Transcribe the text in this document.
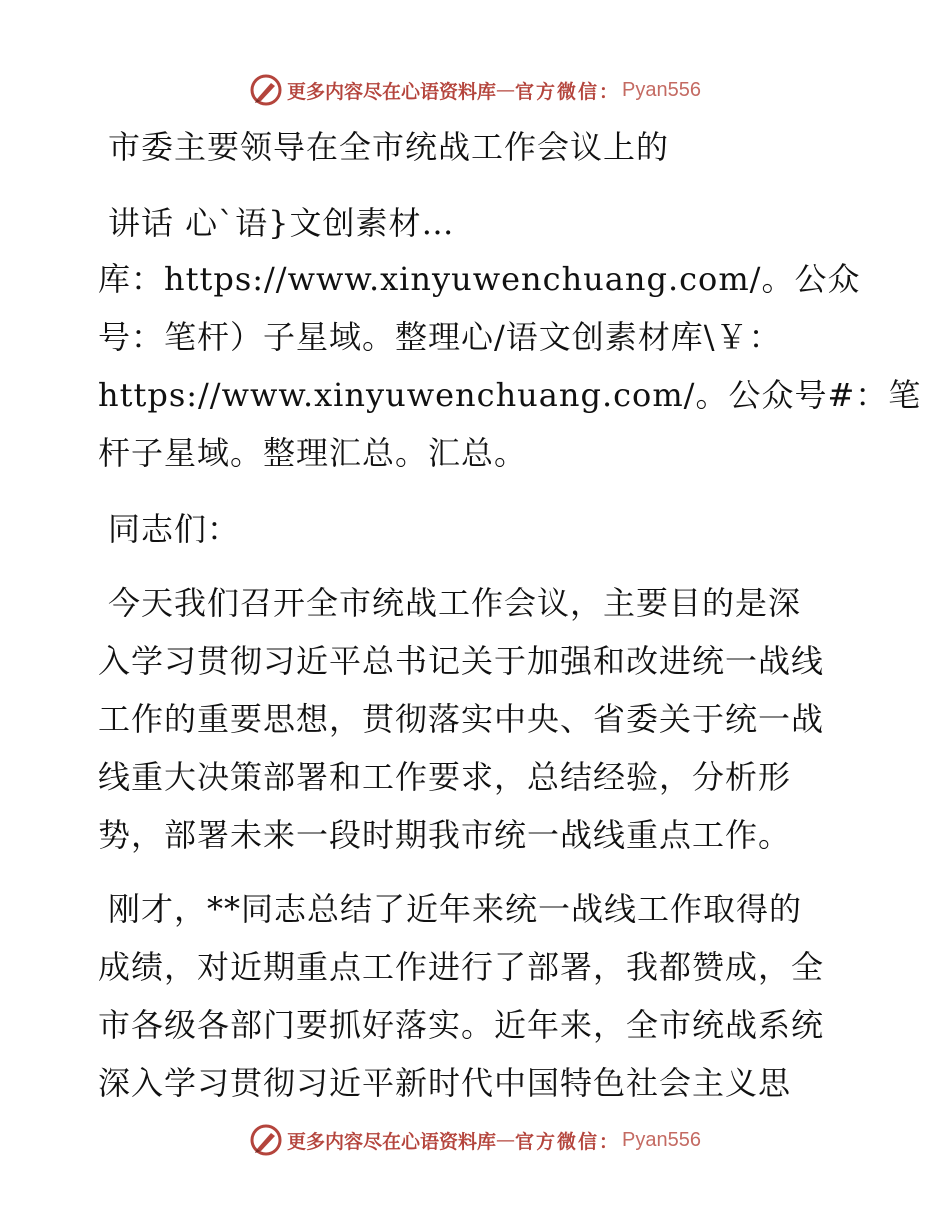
更多内容尽在心语资料库 — 官方微信： Pyan556
市委主要领导在全市统战工作会议上的
讲话 心`语}文创素材…
库：https://www.xinyuwenchuang.com/。公众
号：笔杆）子星域。整理心/语文创素材库\￥：
https://www.xinyuwenchuang.com/。公众号#：笔
杆子星域。整理汇总。汇总。
同志们：
今天我们召开全市统战工作会议，主要目的是深
入学习贯彻习近平总书记关于加强和改进统一战线
工作的重要思想，贯彻落实中央、省委关于统一战
线重大决策部署和工作要求，总结经验，分析形
势，部署未来一段时期我市统一战线重点工作。
刚才，**同志总结了近年来统一战线工作取得的
成绩，对近期重点工作进行了部署，我都赞成，全
市各级各部门要抓好落实。近年来，全市统战系统
深入学习贯彻习近平新时代中国特色社会主义思
更多内容尽在心语资料库 — 官方微信： Pyan556
